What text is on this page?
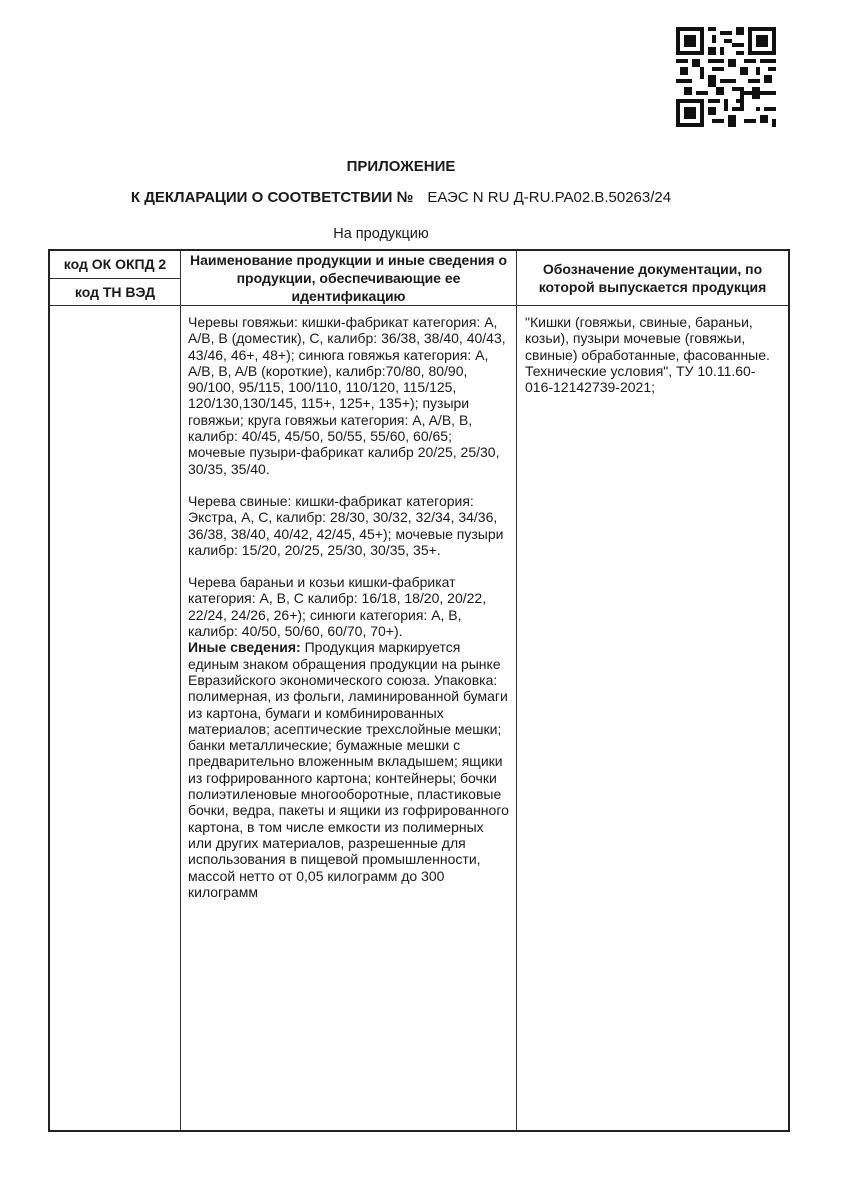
ПРИЛОЖЕНИЕ
К ДЕКЛАРАЦИИ О СООТВЕТСТВИИ № ЕАЭС N RU Д-RU.PA02.B.50263/24
На продукцию
код ОК ОКПД 2	Наименование продукции и иные сведения о продукции, обеспечивающие ее идентификацию	Обозначение документации, по которой выпускается продукция
код ТН ВЭД		

	Черевы говяжьи: кишки-фабрикат категория: A, A/B, B (доместик), C, калибр: 36/38, 38/40, 40/43, 43/46, 46+, 48+); синюга говяжья категория: A, A/B, B, A/B (короткие), калибр:70/80, 80/90, 90/100, 95/115, 100/110, 110/120, 115/125, 120/130,130/145, 115+, 125+, 135+); пузыри говяжьи; круга говяжьи категория: A, A/B, B, калибр: 40/45, 45/50, 50/55, 55/60, 60/65; мочевые пузыри-фабрикат калибр 20/25, 25/30, 30/35, 35/40.

Черева свиные: кишки-фабрикат категория: Экстра, A, C, калибр: 28/30, 30/32, 32/34, 34/36, 36/38, 38/40, 40/42, 42/45, 45+); мочевые пузыри калибр: 15/20, 20/25, 25/30, 30/35, 35+.

Черева бараньи и козьи кишки-фабрикат категория: A, B, C калибр: 16/18, 18/20, 20/22, 22/24, 24/26, 26+); синюги категория: A, B, калибр: 40/50, 50/60, 60/70, 70+).

Иные сведения: Продукция маркируется единым знаком обращения продукции на рынке Евразийского экономического союза. Упаковка: полимерная, из фольги, ламинированной бумаги из картона, бумаги и комбинированных материалов; асептические трехслойные мешки; банки металлические; бумажные мешки с предварительно вложенным вкладышем; ящики из гофрированного картона; контейнеры; бочки полиэтиленовые многооборотные, пластиковые бочки, ведра, пакеты и ящики из гофрированного картона, в том числе емкости из полимерных или других материалов, разрешенные для использования в пищевой промышленности, массой нетто от 0,05 килограмм до 300 килограмм	"Кишки (говяжьи, свиные, бараньи, козьи), пузыри мочевые (говяжьи, свиные) обработанные, фасованные. Технические условия", ТУ 10.11.60-016-12142739-2021;
